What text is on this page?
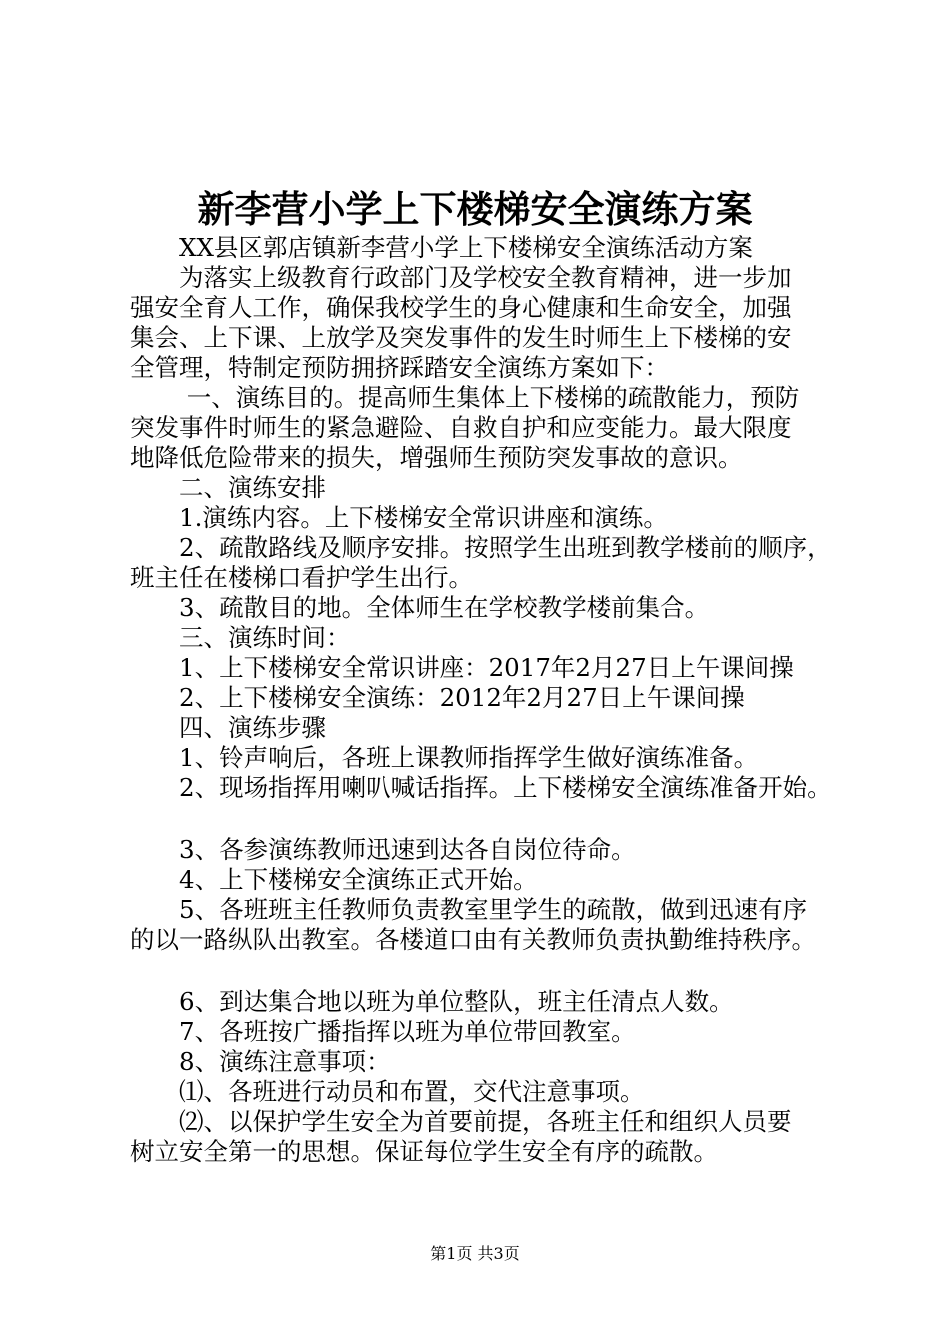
新李营小学上下楼梯安全演练方案
XX县区郭店镇新李营小学上下楼梯安全演练活动方案
为落实上级教育行政部门及学校安全教育精神，进一步加
强安全育人工作，确保我校学生的身心健康和生命安全，加强
集会、上下课、上放学及突发事件的发生时师生上下楼梯的安
全管理，特制定预防拥挤踩踏安全演练方案如下：
一、演练目的。提高师生集体上下楼梯的疏散能力，预防
突发事件时师生的紧急避险、自救自护和应变能力。最大限度
地降低危险带来的损失，增强师生预防突发事故的意识。
二、演练安排
1.演练内容。上下楼梯安全常识讲座和演练。
2、疏散路线及顺序安排。按照学生出班到教学楼前的顺序，
班主任在楼梯口看护学生出行。
3、疏散目的地。全体师生在学校教学楼前集合。
三、演练时间：
1、上下楼梯安全常识讲座：2017年2月27日上午课间操
2、上下楼梯安全演练：2012年2月27日上午课间操
四、演练步骤
1、铃声响后，各班上课教师指挥学生做好演练准备。
2、现场指挥用喇叭喊话指挥。上下楼梯安全演练准备开始。
3、各参演练教师迅速到达各自岗位待命。
4、上下楼梯安全演练正式开始。
5、各班班主任教师负责教室里学生的疏散，做到迅速有序
的以一路纵队出教室。各楼道口由有关教师负责执勤维持秩序。
6、到达集合地以班为单位整队，班主任清点人数。
7、各班按广播指挥以班为单位带回教室。
8、演练注意事项：
⑴、各班进行动员和布置，交代注意事项。
⑵、以保护学生安全为首要前提，各班主任和组织人员要
树立安全第一的思想。保证每位学生安全有序的疏散。
第1页 共3页
